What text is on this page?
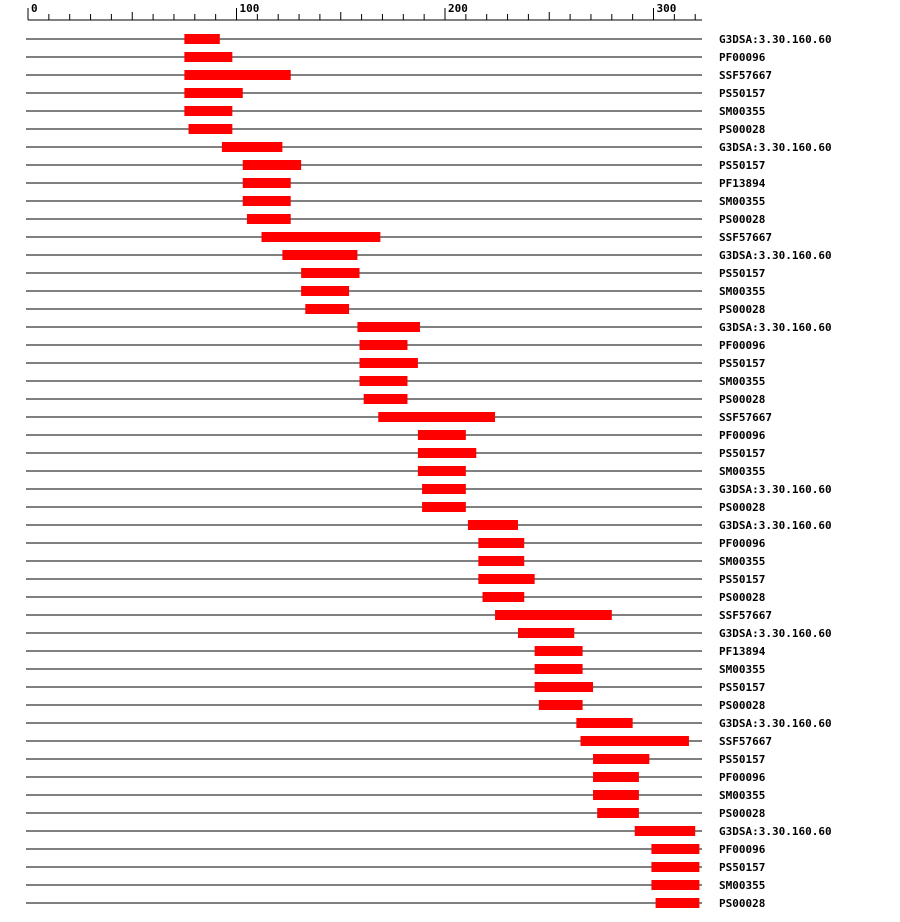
0	100	200	300
G3DSA:3.30.160.60
PF00096
SSF57667
PS50157
SM00355
PS00028
G3DSA:3.30.160.60
PS50157
PF13894
SM00355
PS00028
SSF57667
G3DSA:3.30.160.60
PS50157
SM00355
PS00028
G3DSA:3.30.160.60
PF00096
PS50157
SM00355
PS00028
SSF57667
PF00096
PS50157
SM00355
G3DSA:3.30.160.60
PS00028
G3DSA:3.30.160.60
PF00096
SM00355
PS50157
PS00028
SSF57667
G3DSA:3.30.160.60
PF13894
SM00355
PS50157
PS00028
G3DSA:3.30.160.60
SSF57667
PS50157
PF00096
SM00355
PS00028
G3DSA:3.30.160.60
PF00096
PS50157
SM00355
PS00028
